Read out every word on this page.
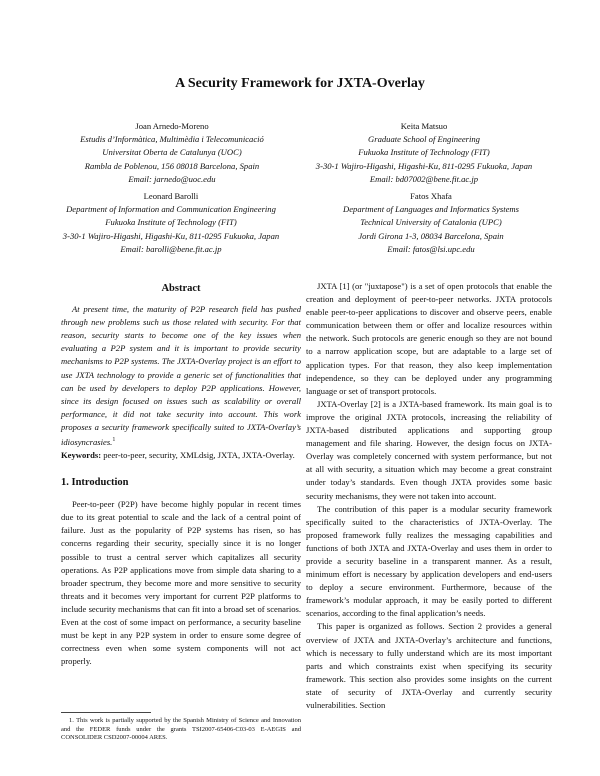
A Security Framework for JXTA-Overlay
Joan Arnedo-Moreno
Estudis d’Informàtica, Multimèdia i Telecomunicació
Universitat Oberta de Catalunya (UOC)
Rambla de Poblenou, 156 08018 Barcelona, Spain
Email: jarnedo@uoc.edu
Keita Matsuo
Graduate School of Engineering
Fukuoka Institute of Technology (FIT)
3-30-1 Wajiro-Higashi, Higashi-Ku, 811-0295 Fukuoka, Japan
Email: bd07002@bene.fit.ac.jp
Leonard Barolli
Department of Information and Communication Engineering
Fukuoka Institute of Technology (FIT)
3-30-1 Wajiro-Higashi, Higashi-Ku, 811-0295 Fukuoka, Japan
Email: barolli@bene.fit.ac.jp
Fatos Xhafa
Department of Languages and Informatics Systems
Technical University of Catalonia (UPC)
Jordi Girona 1-3, 08034 Barcelona, Spain
Email: fatos@lsi.upc.edu
Abstract

At present time, the maturity of P2P research field has pushed through new problems such us those related with security. For that reason, security starts to become one of the key issues when evaluating a P2P system and it is important to provide security mechanisms to P2P systems. The JXTA-Overlay project is an effort to use JXTA technology to provide a generic set of functionalities that can be used by developers to deploy P2P applications. However, since its design focused on issues such as scalability or overall performance, it did not take security into account. This work proposes a security framework specifically suited to JXTA-Overlay’s idiosyncrasies.$^1$

Keywords: peer-to-peer, security, XMLdsig, JXTA, JXTA-Overlay.

1. Introduction

Peer-to-peer (P2P) have become highly popular in recent times due to its great potential to scale and the lack of a central point of failure. Just as the popularity of P2P systems has risen, so has concerns regarding their security, specially since it is no longer possible to trust a central server which capitalizes all security operations. As P2P applications move from simple data sharing to a broader spectrum, they become more and more sensitive to security threats and it becomes very important for current P2P platforms to include security mechanisms that can fit into a broad set of scenarios. Even at the cost of some impact on performance, a security baseline must be kept in any P2P system in order to ensure some degree of correctness even when some system components will not act properly.

1. This work is partially supported by the Spanish Ministry of Science and Innovation and the FEDER funds under the grants TSI2007-65406-C03-03 E-AEGIS and CONSOLIDER CSD2007-00004 ARES.

JXTA [1] (or "juxtapose") is a set of open protocols that enable the creation and deployment of peer-to-peer networks. JXTA protocols enable peer-to-peer applications to discover and observe peers, enable communication between them or offer and localize resources within the network. Such protocols are generic enough so they are not bound to a narrow application scope, but are adaptable to a large set of application types. For that reason, they also keep implementation independence, so they can be deployed under any programming language or set of transport protocols.

JXTA-Overlay [2] is a JXTA-based framework. Its main goal is to improve the original JXTA protocols, increasing the reliability of JXTA-based distributed applications and supporting group management and file sharing. However, the design focus on JXTA-Overlay was completely concerned with system performance, but not at all with security, a situation which may become a great constraint under today’s standards. Even though JXTA provides some basic security mechanisms, they were not taken into account.

The contribution of this paper is a modular security framework specifically suited to the characteristics of JXTA-Overlay. The proposed framework fully realizes the messaging capabilities and functions of both JXTA and JXTA-Overlay and uses them in order to provide a security baseline in a transparent manner. As a result, minimum effort is necessary by application developers and end-users to deploy a secure environment. Furthermore, because of the framework’s modular approach, it may be easily ported to different scenarios, according to the final application’s needs.

This paper is organized as follows. Section 2 provides a general overview of JXTA and JXTA-Overlay’s architecture and functions, which is necessary to fully understand which are its most important parts and which constraints exist when specifying its security framework. This section also provides some insights on the current state of security of JXTA-Overlay and currently security vulnerabilities. Section
